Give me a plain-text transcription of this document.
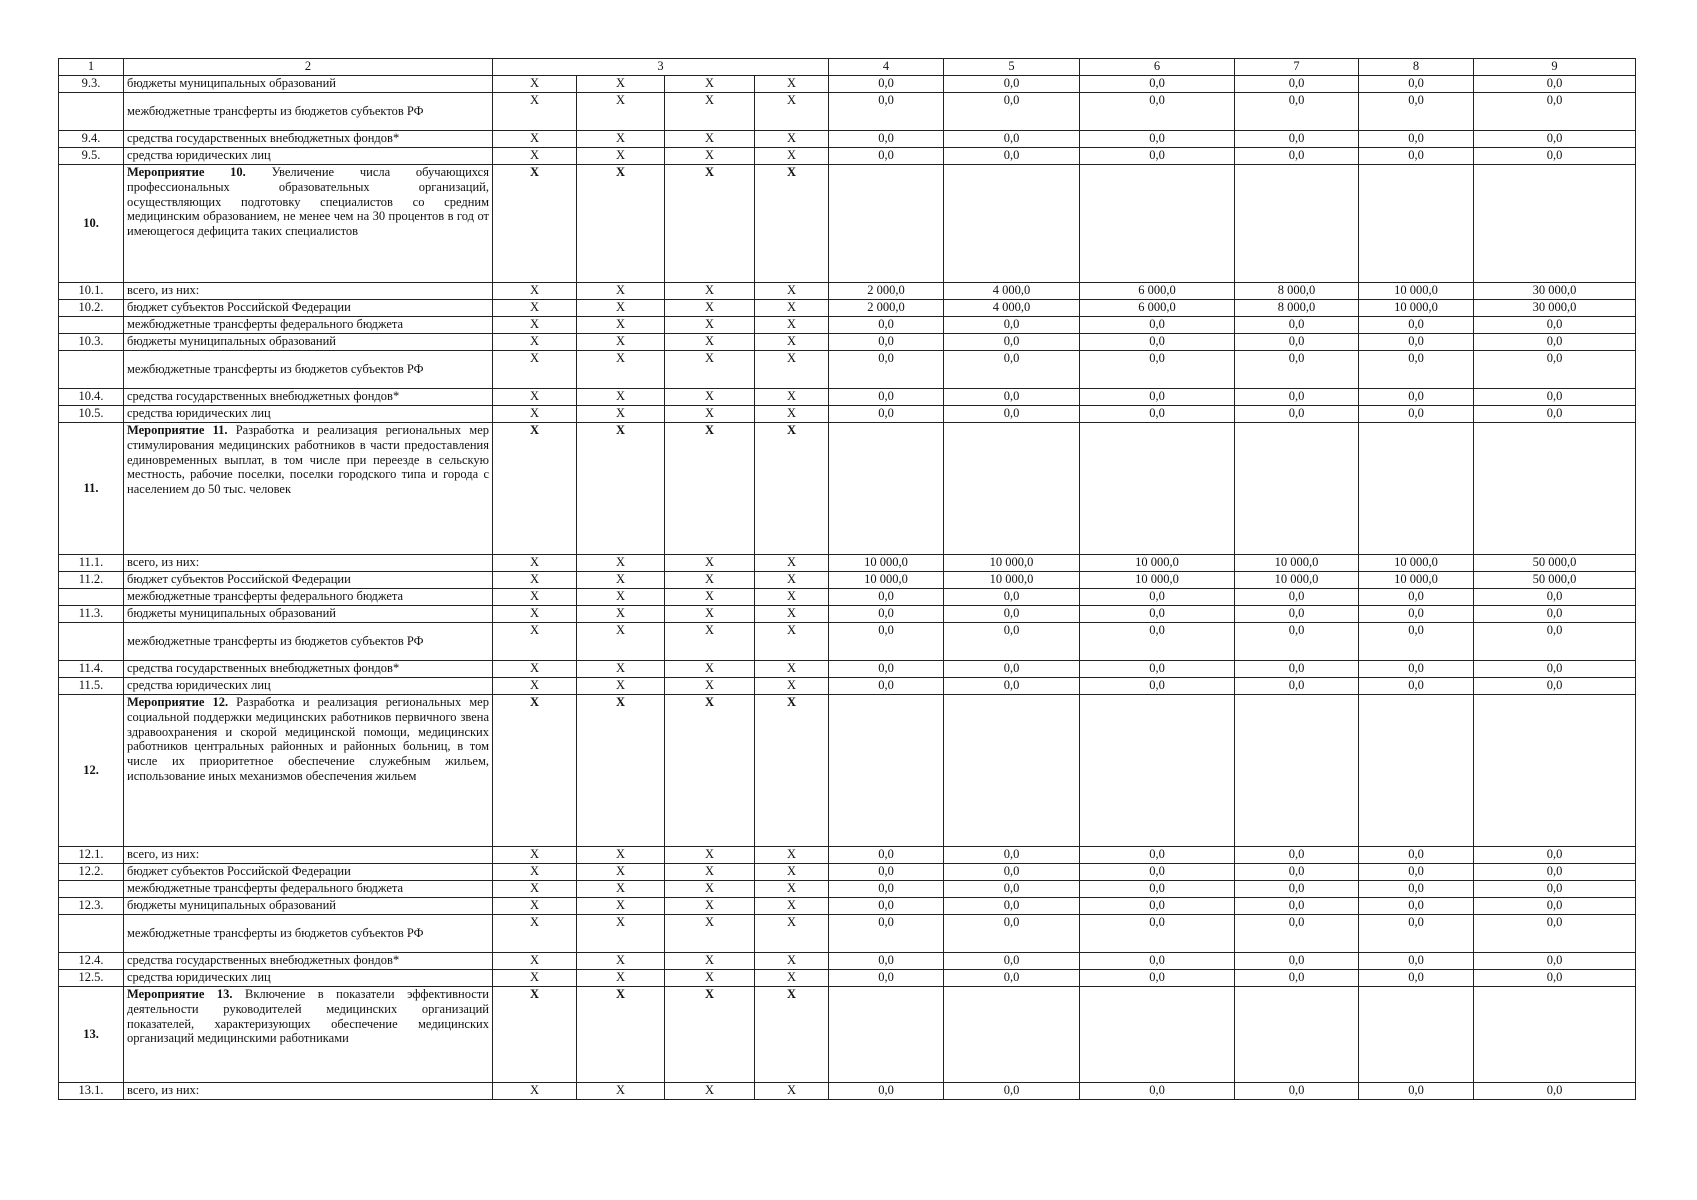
1	2	3				4	5	6	7	8	9
9.3.	бюджеты муниципальных образований	X	X	X	X	0,0	0,0	0,0	0,0	0,0	0,0
	межбюджетные трансферты из бюджетов субъектов РФ	X	X	X	X	0,0	0,0	0,0	0,0	0,0	0,0
9.4.	средства государственных внебюджетных фондов*	X	X	X	X	0,0	0,0	0,0	0,0	0,0	0,0
9.5.	средства юридических лиц	X	X	X	X	0,0	0,0	0,0	0,0	0,0	0,0
10.	Мероприятие 10. Увеличение числа обучающихся профессиональных образовательных организаций, осуществляющих подготовку специалистов со средним медицинским образованием, не менее чем на 30 процентов в год от имеющегося дефицита таких специалистов	X	X	X	X						
10.1.	всего, из них:	X	X	X	X	2 000,0	4 000,0	6 000,0	8 000,0	10 000,0	30 000,0
10.2.	бюджет субъектов Российской Федерации	X	X	X	X	2 000,0	4 000,0	6 000,0	8 000,0	10 000,0	30 000,0
	межбюджетные трансферты федерального бюджета	X	X	X	X	0,0	0,0	0,0	0,0	0,0	0,0
10.3.	бюджеты муниципальных образований	X	X	X	X	0,0	0,0	0,0	0,0	0,0	0,0
	межбюджетные трансферты из бюджетов субъектов РФ	X	X	X	X	0,0	0,0	0,0	0,0	0,0	0,0
10.4.	средства государственных внебюджетных фондов*	X	X	X	X	0,0	0,0	0,0	0,0	0,0	0,0
10.5.	средства юридических лиц	X	X	X	X	0,0	0,0	0,0	0,0	0,0	0,0
11.	Мероприятие 11. Разработка и реализация региональных мер стимулирования медицинских работников в части предоставления единовременных выплат, в том числе при переезде в сельскую местность, рабочие поселки, поселки городского типа и города с населением до 50 тыс. человек	X	X	X	X						
11.1.	всего, из них:	X	X	X	X	10 000,0	10 000,0	10 000,0	10 000,0	10 000,0	50 000,0
11.2.	бюджет субъектов Российской Федерации	X	X	X	X	10 000,0	10 000,0	10 000,0	10 000,0	10 000,0	50 000,0
	межбюджетные трансферты федерального бюджета	X	X	X	X	0,0	0,0	0,0	0,0	0,0	0,0
11.3.	бюджеты муниципальных образований	X	X	X	X	0,0	0,0	0,0	0,0	0,0	0,0
	межбюджетные трансферты из бюджетов субъектов РФ	X	X	X	X	0,0	0,0	0,0	0,0	0,0	0,0
11.4.	средства государственных внебюджетных фондов*	X	X	X	X	0,0	0,0	0,0	0,0	0,0	0,0
11.5.	средства юридических лиц	X	X	X	X	0,0	0,0	0,0	0,0	0,0	0,0
12.	Мероприятие 12. Разработка и реализация региональных мер социальной поддержки медицинских работников первичного звена здравоохранения и скорой медицинской помощи, медицинских работников центральных районных и районных больниц, в том числе их приоритетное обеспечение служебным жильем, использование иных механизмов обеспечения жильем	X	X	X	X						
12.1.	всего, из них:	X	X	X	X	0,0	0,0	0,0	0,0	0,0	0,0
12.2.	бюджет субъектов Российской Федерации	X	X	X	X	0,0	0,0	0,0	0,0	0,0	0,0
	межбюджетные трансферты федерального бюджета	X	X	X	X	0,0	0,0	0,0	0,0	0,0	0,0
12.3.	бюджеты муниципальных образований	X	X	X	X	0,0	0,0	0,0	0,0	0,0	0,0
	межбюджетные трансферты из бюджетов субъектов РФ	X	X	X	X	0,0	0,0	0,0	0,0	0,0	0,0
12.4.	средства государственных внебюджетных фондов*	X	X	X	X	0,0	0,0	0,0	0,0	0,0	0,0
12.5.	средства юридических лиц	X	X	X	X	0,0	0,0	0,0	0,0	0,0	0,0
13.	Мероприятие 13. Включение в показатели эффективности деятельности руководителей медицинских организаций показателей, характеризующих обеспечение медицинских организаций медицинскими работниками	X	X	X	X						
13.1.	всего, из них:	X	X	X	X	0,0	0,0	0,0	0,0	0,0	0,0
